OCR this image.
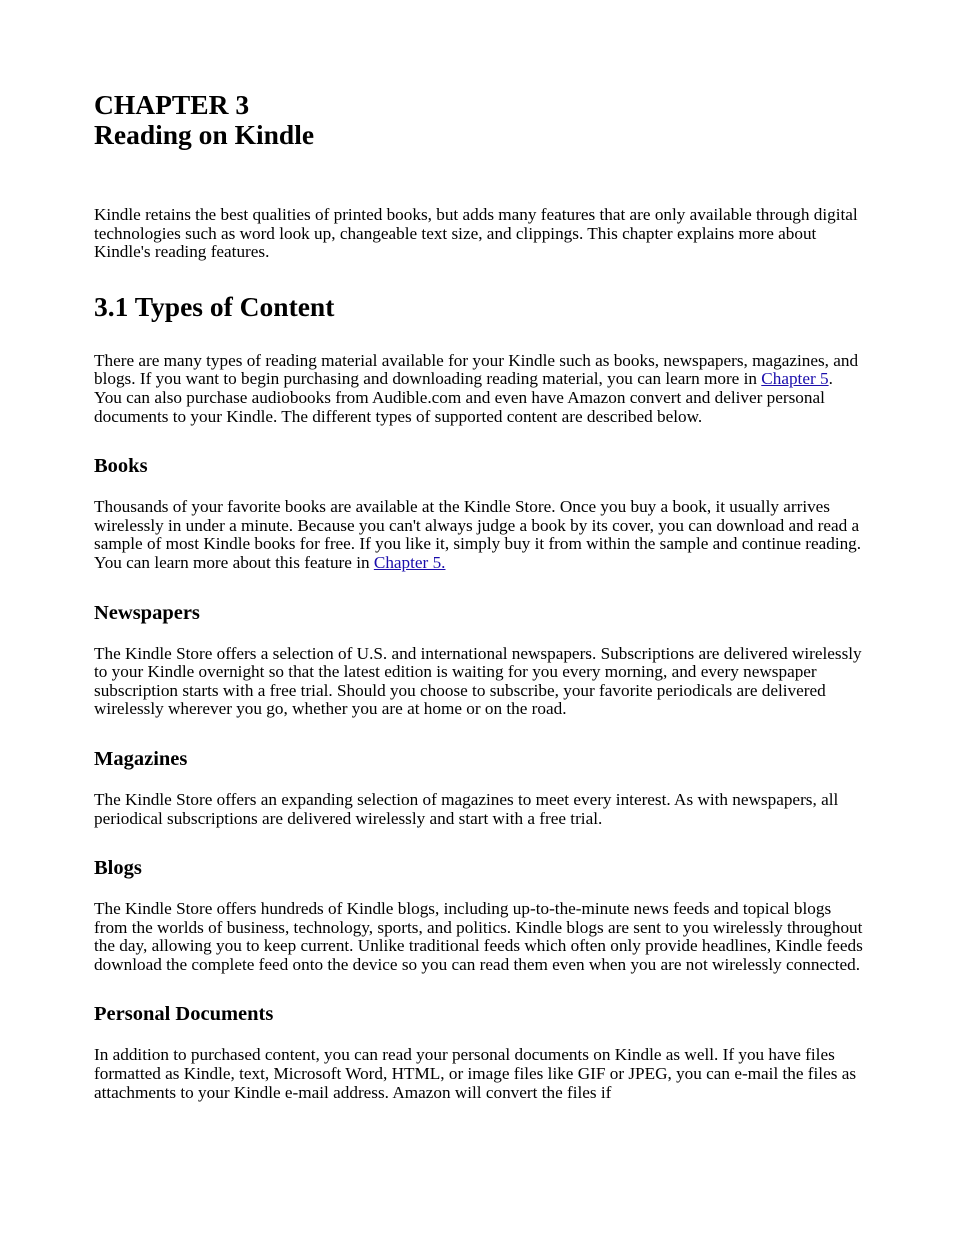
CHAPTER 3
Reading on Kindle

Kindle retains the best qualities of printed books, but adds many features that are only available through digital technologies such as word look up, changeable text size, and clippings. This chapter explains more about Kindle's reading features.

3.1 Types of Content

There are many types of reading material available for your Kindle such as books, newspapers, magazines, and blogs. If you want to begin purchasing and downloading reading material, you can learn more in Chapter 5. You can also purchase audiobooks from Audible.com and even have Amazon convert and deliver personal documents to your Kindle. The different types of supported content are described below.

Books

Thousands of your favorite books are available at the Kindle Store. Once you buy a book, it usually arrives wirelessly in under a minute. Because you can't always judge a book by its cover, you can download and read a sample of most Kindle books for free. If you like it, simply buy it from within the sample and continue reading. You can learn more about this feature in Chapter 5.

Newspapers

The Kindle Store offers a selection of U.S. and international newspapers. Subscriptions are delivered wirelessly to your Kindle overnight so that the latest edition is waiting for you every morning, and every newspaper subscription starts with a free trial. Should you choose to subscribe, your favorite periodicals are delivered wirelessly wherever you go, whether you are at home or on the road.

Magazines

The Kindle Store offers an expanding selection of magazines to meet every interest. As with newspapers, all periodical subscriptions are delivered wirelessly and start with a free trial.

Blogs

The Kindle Store offers hundreds of Kindle blogs, including up-to-the-minute news feeds and topical blogs from the worlds of business, technology, sports, and politics. Kindle blogs are sent to you wirelessly throughout the day, allowing you to keep current. Unlike traditional feeds which often only provide headlines, Kindle feeds download the complete feed onto the device so you can read them even when you are not wirelessly connected.

Personal Documents

In addition to purchased content, you can read your personal documents on Kindle as well. If you have files formatted as Kindle, text, Microsoft Word, HTML, or image files like GIF or JPEG, you can e-mail the files as attachments to your Kindle e-mail address. Amazon will convert the files if
